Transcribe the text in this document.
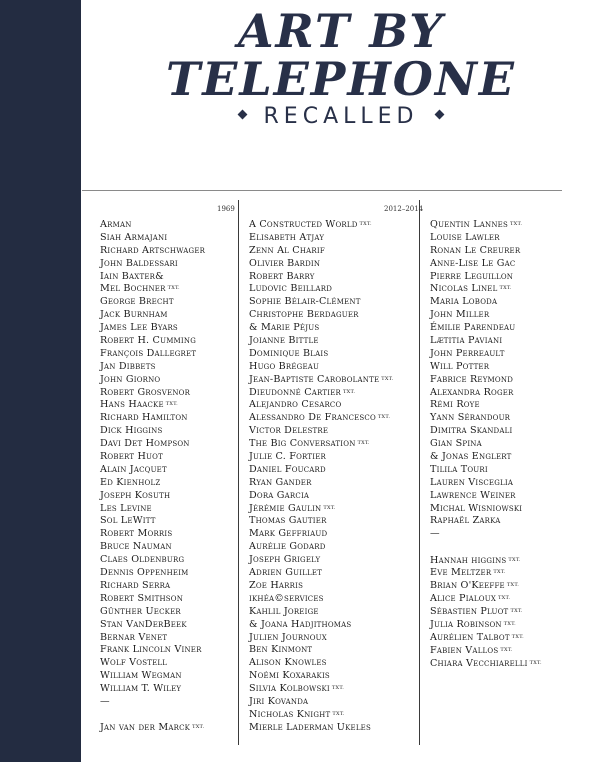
ART BY
TELEPHONE
RECALLED
1969	2012–2014
Arman
Siah Armajani
Richard Artschwager
John Baldessari
Iain Baxter&
Mel Bochner $^{TXT.}$
George Brecht
Jack Burnham
James Lee Byars
Robert H. Cumming
François Dallegret
Jan Dibbets
John Giorno
Robert Grosvenor
Hans Haacke $^{TXT.}$
Richard Hamilton
Dick Higgins
Davi Det Hompson
Robert Huot
Alain Jacquet
Ed Kienholz
Joseph Kosuth
Les Levine
Sol LeWitt
Robert Morris
Bruce Nauman
Claes Oldenburg
Dennis Oppenheim
Richard Serra
Robert Smithson
Günther Uecker
Stan VanDerBeek
Bernar Venet
Frank Lincoln Viner
Wolf Vostell
William Wegman
William T. Wiley
—
Jan van der Marck $^{TXT.}$
A Constructed World $^{TXT.}$
Elisabeth Atjay
Zenn Al Charif
Olivier Bardin
Robert Barry
Ludovic Beillard
Sophie Bélair-Clément
Christophe Berdaguer
& Marie Péjus
Joianne Bittle
Dominique Blais
Hugo Brégeau
Jean-Baptiste Carobolante $^{TXT.}$
Dieudonné Cartier $^{TXT.}$
Alejandro Cesarco
Alessandro De Francesco $^{TXT.}$
Victor Delestre
The Big Conversation $^{TXT.}$
Julie C. Fortier
Daniel Foucard
Ryan Gander
Dora Garcia
Jérémie Gaulin $^{TXT.}$
Thomas Gautier
Mark Geffriaud
Aurélie Godard
Joseph Grigely
Adrien Guillet
Zoe Harris
ikhéa©services
Kahlil Joreige
& Joana Hadjithomas
Julien Journoux
Ben Kinmont
Alison Knowles
Noémi Koxarakis
Silvia Kolbowski $^{TXT.}$
Jiri Kovanda
Nicholas Knight $^{TXT.}$
Mierle Laderman Ukeles
Quentin Lannes $^{TXT.}$
Louise Lawler
Ronan Le Creurer
Anne-Lise Le Gac
Pierre Leguillon
Nicolas Linel $^{TXT.}$
Maria Loboda
John Miller
Émilie Parendeau
Lætitia Paviani
John Perreault
Will Potter
Fabrice Reymond
Alexandra Roger
Rémi Roye
Yann Sérandour
Dimitra Skandali
Gian Spina
& Jonas Englert
Tilila Touri
Lauren Visceglia
Lawrence Weiner
Michal Wisniowski
Raphaël Zarka
—
Hannah higgins $^{TXT.}$
Eve Meltzer $^{TXT.}$
Brian O'Keeffe $^{TXT.}$
Alice Pialoux $^{TXT.}$
Sébastien Pluot $^{TXT.}$
Julia Robinson $^{TXT.}$
Aurélien Talbot $^{TXT.}$
Fabien Vallos $^{TXT.}$
Chiara Vecchiarelli $^{TXT.}$
